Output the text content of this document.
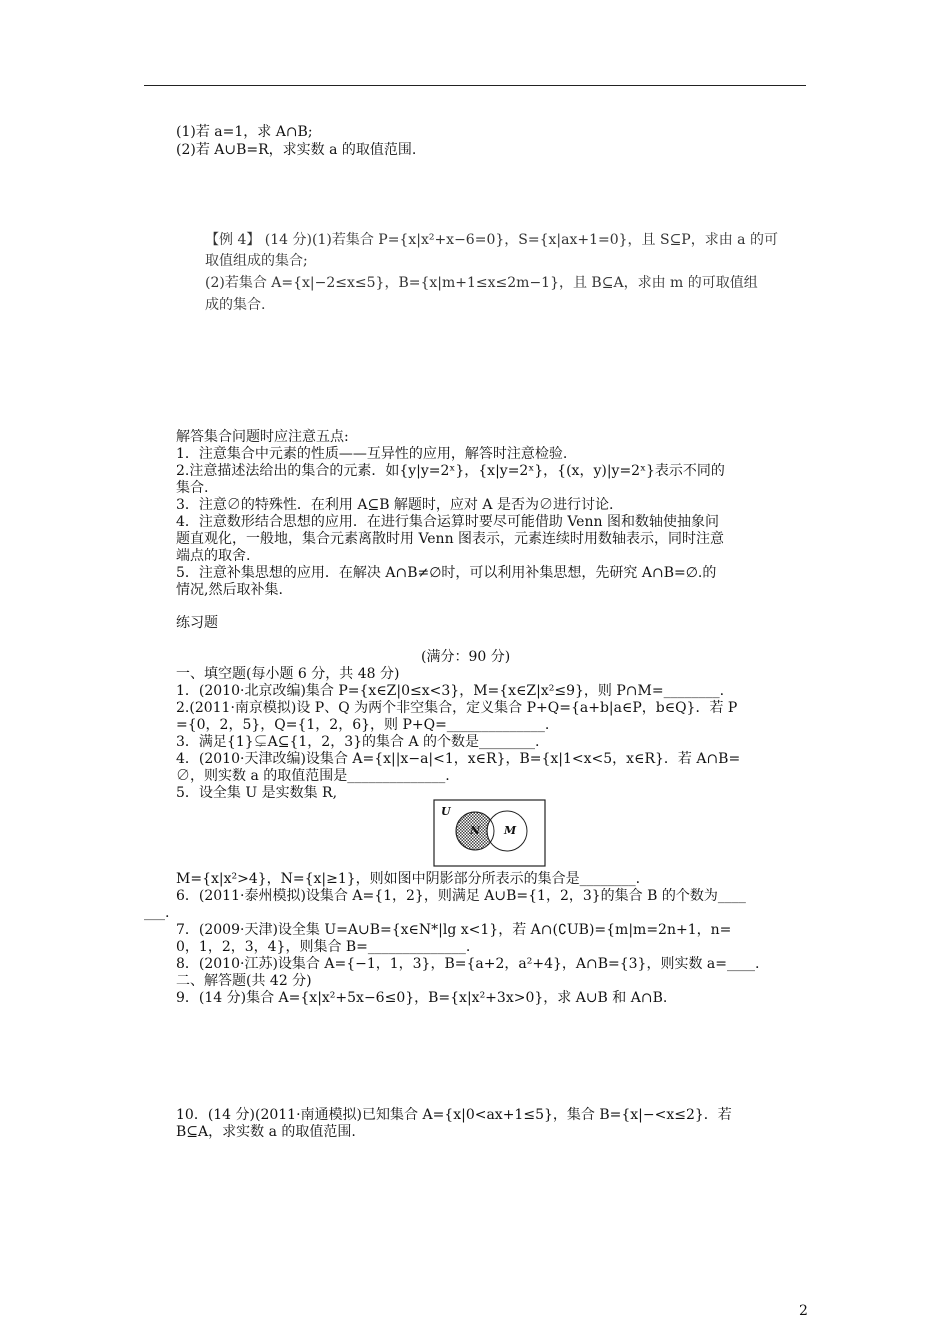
(1)若 a=1，求 A∩B;
(2)若 A∪B=R，求实数 a 的取值范围.
【例 4】 (14 分)(1)若集合 P={x|x²+x−6=0}，S={x|ax+1=0}，且 S⊆P，求由 a 的可
取值组成的集合;
(2)若集合 A={x|−2≤x≤5}，B={x|m+1≤x≤2m−1}，且 B⊆A，求由 m 的可取值组
成的集合.
解答集合问题时应注意五点:
1．注意集合中元素的性质——互异性的应用，解答时注意检验.
2.注意描述法给出的集合的元素．如{y|y=2ˣ}，{x|y=2ˣ}，{(x，y)|y=2ˣ}表示不同的
集合.
3．注意∅的特殊性．在利用 A⊆B 解题时，应对 A 是否为∅进行讨论.
4．注意数形结合思想的应用．在进行集合运算时要尽可能借助 Venn 图和数轴使抽象问
题直观化，一般地，集合元素离散时用 Venn 图表示，元素连续时用数轴表示，同时注意
端点的取舍.
5．注意补集思想的应用．在解决 A∩B≠∅时，可以利用补集思想，先研究 A∩B=∅.的
情况,然后取补集.
练习题
(满分：90 分)
一、填空题(每小题 6 分，共 48 分)
1．(2010·北京改编)集合 P={x∈Z|0≤x<3}，M={x∈Z|x²≤9}，则 P∩M=________.
2.(2011·南京模拟)设 P、Q 为两个非空集合，定义集合 P+Q={a+b|a∈P，b∈Q}．若 P
={0，2，5}，Q={1，2，6}，则 P+Q=______________.
3．满足{1}⊊A⊆{1，2，3}的集合 A 的个数是________.
4．(2010·天津改编)设集合 A={x||x−a|<1，x∈R}，B={x|1<x<5，x∈R}．若 A∩B=
∅，则实数 a 的取值范围是______________.
5．设全集 U 是实数集 R,
U
N M
M={x|x²>4}，N={x|≥1}，则如图中阴影部分所表示的集合是________.
6．(2011·泰州模拟)设集合 A={1，2}，则满足 A∪B={1，2，3}的集合 B 的个数为____
___.
7．(2009·天津)设全集 U=A∪B={x∈N*|lg x<1}，若 A∩(∁UB)={m|m=2n+1，n=
0，1，2，3，4}，则集合 B=______________.
8．(2010·江苏)设集合 A={−1，1，3}，B={a+2，a²+4}，A∩B={3}，则实数 a=____.
二、解答题(共 42 分)
9．(14 分)集合 A={x|x²+5x−6≤0}，B={x|x²+3x>0}，求 A∪B 和 A∩B.
10．(14 分)(2011·南通模拟)已知集合 A={x|0<ax+1≤5}，集合 B={x|−<x≤2}．若
B⊆A，求实数 a 的取值范围.
2
